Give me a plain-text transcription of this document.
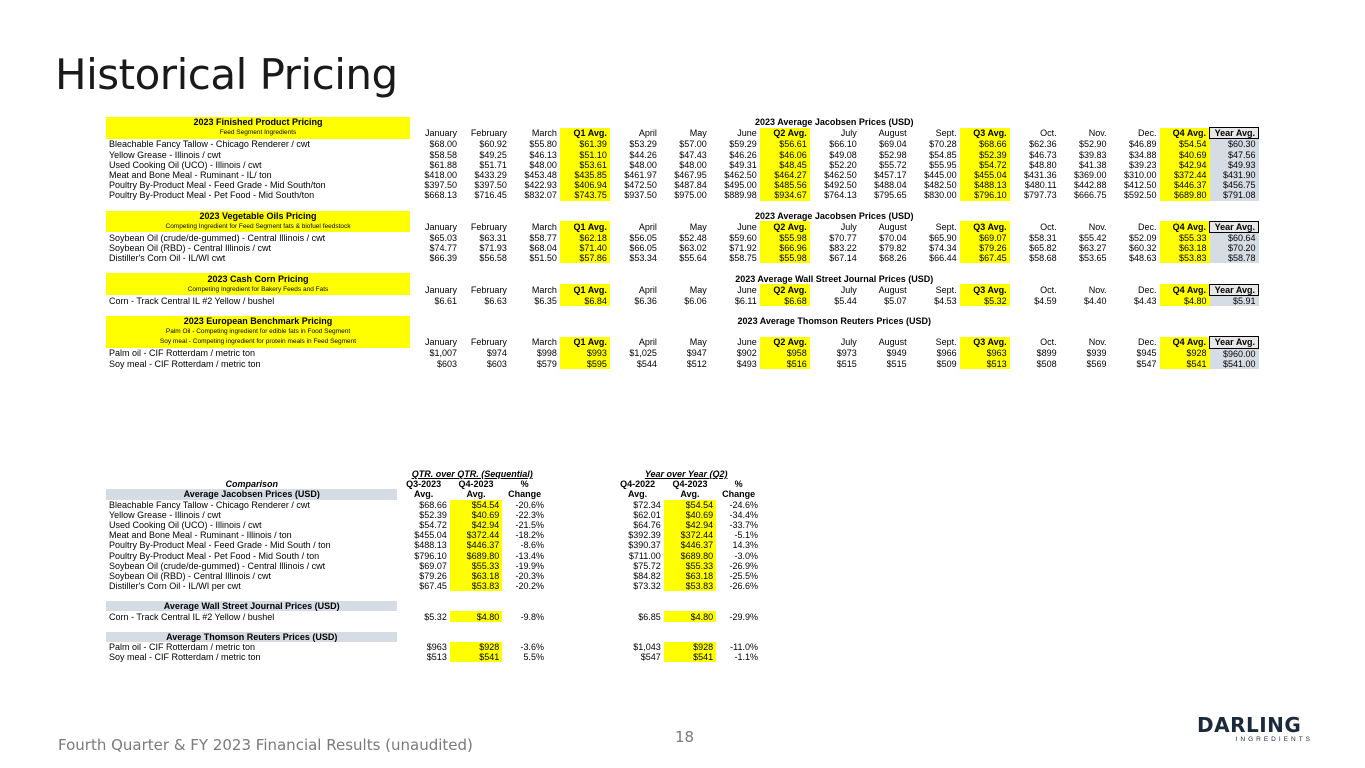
Historical Pricing
2023 Finished Product Pricing	2023 Average Jacobsen Prices (USD)																
Feed Segment Ingredients	January	February	March	Q1 Avg.	April	May	June	Q2 Avg.	July	August	Sept.	Q3 Avg.	Oct.	Nov.	Dec.	Q4 Avg.	Year Avg.
Bleachable Fancy Tallow - Chicago Renderer / cwt	$68.00	$60.92	$55.80	$61.39	$53.29	$57.00	$59.29	$56.61	$66.10	$69.04	$70.28	$68.66	$62.36	$52.90	$46.89	$54.54	$60.30
Yellow Grease - Illinois / cwt	$58.58	$49.25	$46.13	$51.10	$44.26	$47.43	$46.26	$46.06	$49.08	$52.98	$54.85	$52.39	$46.73	$39.83	$34.88	$40.69	$47.56
Used Cooking Oil (UCO) - Illinois / cwt	$61.88	$51.71	$48.00	$53.61	$48.00	$48.00	$49.31	$48.45	$52.20	$55.72	$55.95	$54.72	$48.80	$41.38	$39.23	$42.94	$49.93
Meat and Bone Meal - Ruminant - IL/ ton	$418.00	$433.29	$453.48	$435.85	$461.97	$467.95	$462.50	$464.27	$462.50	$457.17	$445.00	$455.04	$431.36	$369.00	$310.00	$372.44	$431.90
Poultry By-Product Meal - Feed Grade - Mid South/ton	$397.50	$397.50	$422.93	$406.94	$472.50	$487.84	$495.00	$485.56	$492.50	$488.04	$482.50	$488.13	$480.11	$442.88	$412.50	$446.37	$456.75
Poultry By-Product Meal - Pet Food - Mid South/ton	$668.13	$716.45	$832.07	$743.75	$937.50	$975.00	$889.98	$934.67	$764.13	$795.65	$830.00	$796.10	$797.73	$666.75	$592.50	$689.80	$791.08

2023 Vegetable Oils Pricing	2023 Average Jacobsen Prices (USD)																
Competing Ingredient for Feed Segment fats & biofuel feedstock	January	February	March	Q1 Avg.	April	May	June	Q2 Avg.	July	August	Sept.	Q3 Avg.	Oct.	Nov.	Dec.	Q4 Avg.	Year Avg.
Soybean Oil (crude/de-gummed) - Central Illinois / cwt	$65.03	$63.31	$58.77	$62.18	$56.05	$52.48	$59.60	$55.98	$70.77	$70.04	$65.90	$69.07	$58.31	$55.42	$52.09	$55.33	$60.64
Soybean Oil (RBD) - Central Illinois / cwt	$74.77	$71.93	$68.04	$71.40	$66.05	$63.02	$71.92	$66.96	$83.22	$79.82	$74.34	$79.26	$65.82	$63.27	$60.32	$63.18	$70.20
Distiller's Corn Oil - IL/WI cwt	$66.39	$56.58	$51.50	$57.86	$53.34	$55.64	$58.75	$55.98	$67.14	$68.26	$66.44	$67.45	$58.68	$53.65	$48.63	$53.83	$58.78

2023 Cash Corn Pricing	2023 Average Wall Street Journal Prices (USD)																
Competing Ingredient for Bakery Feeds and Fats	January	February	March	Q1 Avg.	April	May	June	Q2 Avg.	July	August	Sept.	Q3 Avg.	Oct.	Nov.	Dec.	Q4 Avg.	Year Avg.
Corn - Track Central IL #2 Yellow / bushel	$6.61	$6.63	$6.35	$6.84	$6.36	$6.06	$6.11	$6.68	$5.44	$5.07	$4.53	$5.32	$4.59	$4.40	$4.43	$4.80	$5.91

2023 European Benchmark Pricing	2023 Average Thomson Reuters Prices (USD)																
Palm Oil - Competing ingredient for edible fats in Food Segment																	
Soy meal - Competing ingredient for protein meals in Feed Segment	January	February	March	Q1 Avg.	April	May	June	Q2 Avg.	July	August	Sept.	Q3 Avg.	Oct.	Nov.	Dec.	Q4 Avg.	Year Avg.
Palm oil - CIF Rotterdam / metric ton	$1,007	$974	$998	$993	$1,025	$947	$902	$958	$973	$949	$966	$963	$899	$939	$945	$928	$960.00
Soy meal - CIF Rotterdam / metric ton	$603	$603	$579	$595	$544	$512	$493	$516	$515	$515	$509	$513	$508	$569	$547	$541	$541.00
	QTR. over QTR. (Sequential)				Year over Year (Q2)		
Comparison	Q3-2023	Q4-2023	%		Q4-2022	Q4-2023	%
Average Jacobsen Prices (USD)	Avg.	Avg.	Change		Avg.	Avg.	Change
Bleachable Fancy Tallow - Chicago Renderer / cwt	$68.66	$54.54	-20.6%		$72.34	$54.54	-24.6%
Yellow Grease - Illinois / cwt	$52.39	$40.69	-22.3%		$62.01	$40.69	-34.4%
Used Cooking Oil (UCO) - Illinois / cwt	$54.72	$42.94	-21.5%		$64.76	$42.94	-33.7%
Meat and Bone Meal - Ruminant - Illinois / ton	$455.04	$372.44	-18.2%		$392.39	$372.44	-5.1%
Poultry By-Product Meal - Feed Grade - Mid South / ton	$488.13	$446.37	-8.6%		$390.37	$446.37	14.3%
Poultry By-Product Meal - Pet Food - Mid South / ton	$796.10	$689.80	-13.4%		$711.00	$689.80	-3.0%
Soybean Oil (crude/de-gummed) - Central Illinois / cwt	$69.07	$55.33	-19.9%		$75.72	$55.33	-26.9%
Soybean Oil (RBD) - Central Illinois / cwt	$79.26	$63.18	-20.3%		$84.82	$63.18	-25.5%
Distiller's Corn Oil - IL/WI per cwt	$67.45	$53.83	-20.2%		$73.32	$53.83	-26.6%

Average Wall Street Journal Prices (USD)							
Corn - Track Central IL #2 Yellow / bushel	$5.32	$4.80	-9.8%		$6.85	$4.80	-29.9%

Average Thomson Reuters Prices (USD)							
Palm oil - CIF Rotterdam / metric ton	$963	$928	-3.6%		$1,043	$928	-11.0%
Soy meal - CIF Rotterdam / metric ton	$513	$541	5.5%		$547	$541	-1.1%
Fourth Quarter & FY 2023 Financial Results (unaudited)	18	DARLING
INGREDIENTS
